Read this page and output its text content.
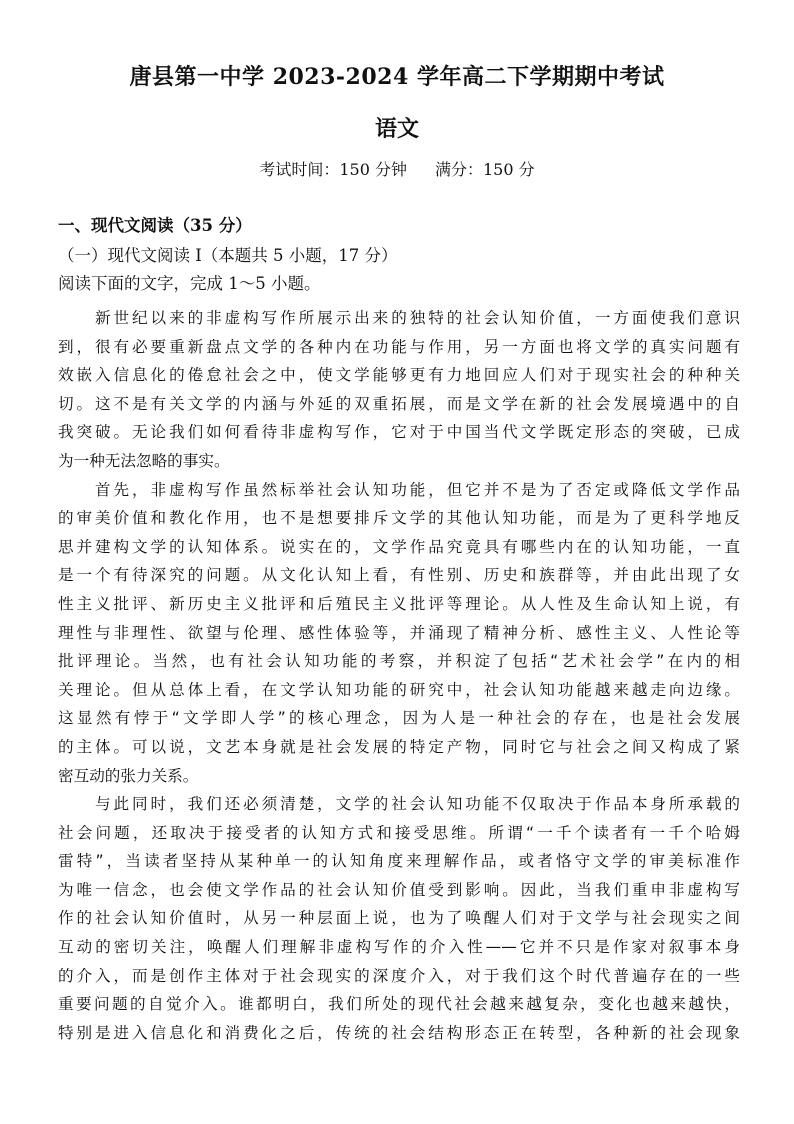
唐县第一中学 2023-2024 学年高二下学期期中考试
语文
考试时间：150 分钟 满分：150 分
一、现代文阅读（35 分）
（一）现代文阅读 I（本题共 5 小题，17 分）
阅读下面的文字，完成 1～5 小题。
　　新世纪以来的非虚构写作所展示出来的独特的社会认知价值，一方面使我们意识
到，很有必要重新盘点文学的各种内在功能与作用，另一方面也将文学的真实问题有
效嵌入信息化的倦怠社会之中，使文学能够更有力地回应人们对于现实社会的种种关
切。这不是有关文学的内涵与外延的双重拓展，而是文学在新的社会发展境遇中的自
我突破。无论我们如何看待非虚构写作，它对于中国当代文学既定形态的突破，已成
为一种无法忽略的事实。
　　首先，非虚构写作虽然标举社会认知功能，但它并不是为了否定或降低文学作品
的审美价值和教化作用，也不是想要排斥文学的其他认知功能，而是为了更科学地反
思并建构文学的认知体系。说实在的，文学作品究竟具有哪些内在的认知功能，一直
是一个有待深究的问题。从文化认知上看，有性别、历史和族群等，并由此出现了女
性主义批评、新历史主义批评和后殖民主义批评等理论。从人性及生命认知上说，有
理性与非理性、欲望与伦理、感性体验等，并涌现了精神分析、感性主义、人性论等
批评理论。当然，也有社会认知功能的考察，并积淀了包括“艺术社会学”在内的相
关理论。但从总体上看，在文学认知功能的研究中，社会认知功能越来越走向边缘。
这显然有悖于“文学即人学”的核心理念，因为人是一种社会的存在，也是社会发展
的主体。可以说，文艺本身就是社会发展的特定产物，同时它与社会之间又构成了紧
密互动的张力关系。
　　与此同时，我们还必须清楚，文学的社会认知功能不仅取决于作品本身所承载的
社会问题，还取决于接受者的认知方式和接受思维。所谓“一千个读者有一千个哈姆
雷特”，当读者坚持从某种单一的认知角度来理解作品，或者恪守文学的审美标准作
为唯一信念，也会使文学作品的社会认知价值受到影响。因此，当我们重申非虚构写
作的社会认知价值时，从另一种层面上说，也为了唤醒人们对于文学与社会现实之间
互动的密切关注，唤醒人们理解非虚构写作的介入性——它并不只是作家对叙事本身
的介入，而是创作主体对于社会现实的深度介入，对于我们这个时代普遍存在的一些
重要问题的自觉介入。谁都明白，我们所处的现代社会越来越复杂，变化也越来越快，
特别是进入信息化和消费化之后，传统的社会结构形态正在转型，各种新的社会现象
